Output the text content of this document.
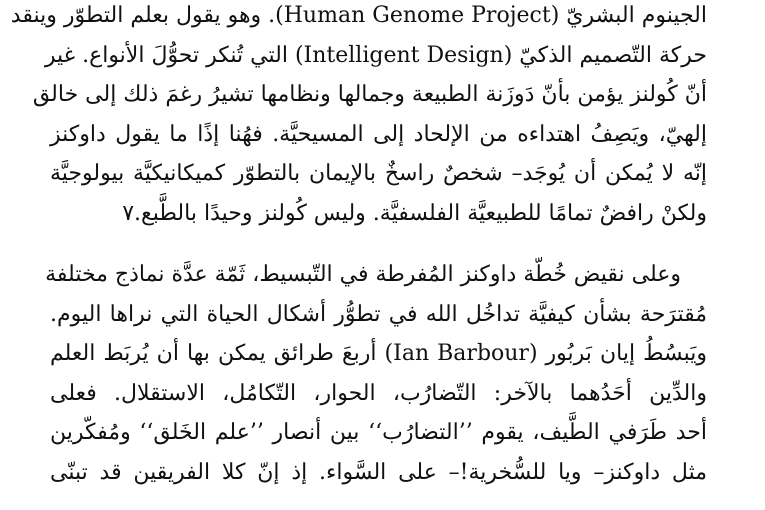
الجينوم البشريّ (Human Genome Project). وهو يقول بعلم التطوّر وينقد
حركة التّصميم الذكيّ (Intelligent Design) التي تُنكر تحوُّلَ الأنواع. غير
أنّ كُولنز يؤمن بأنّ دَوزَنة الطبيعة وجمالها ونظامها تشيرُ رغمَ ذلك إلى خالق
إلهيّ، ويَصِفُ اهتداءه من الإلحاد إلى المسيحيَّة. فهُنا إذًا ما يقول داوكنز
إنّه لا يُمكن أن يُوجَد– شخصٌ راسخٌ بالإيمان بالتطوّر كميكانيكيَّة بيولوجيَّة
ولكنْ رافضٌ تمامًا للطبيعيَّة الفلسفيَّة. وليس كُولنز وحيدًا بالطَّبع.٧
وعلى نقيض خُطّة داوكنز المُفرطة في التّبسيط، ثَمّة عدَّة نماذج مختلفة
مُقترَحة بشأن كيفيَّة تداخُل الله في تطوُّر أشكال الحياة التي نراها اليوم.
ويَبسُطُ إيان بَربُور (Ian Barbour) أربعَ طرائق يمكن بها أن يُربَط العلم
والدِّين أحَدُهما بالآخر: التّضارُب، الحوار، التّكامُل، الاستقلال. فعلى
أحد طَرَفي الطَّيف، يقوم ’’التضارُب‘‘ بين أنصار ’’علم الخَلق‘‘ ومُفكّرين
مثل داوكنز– ويا للسُّخرية!– على السَّواء. إذ إنّ كلا الفريقين قد تبنّى
